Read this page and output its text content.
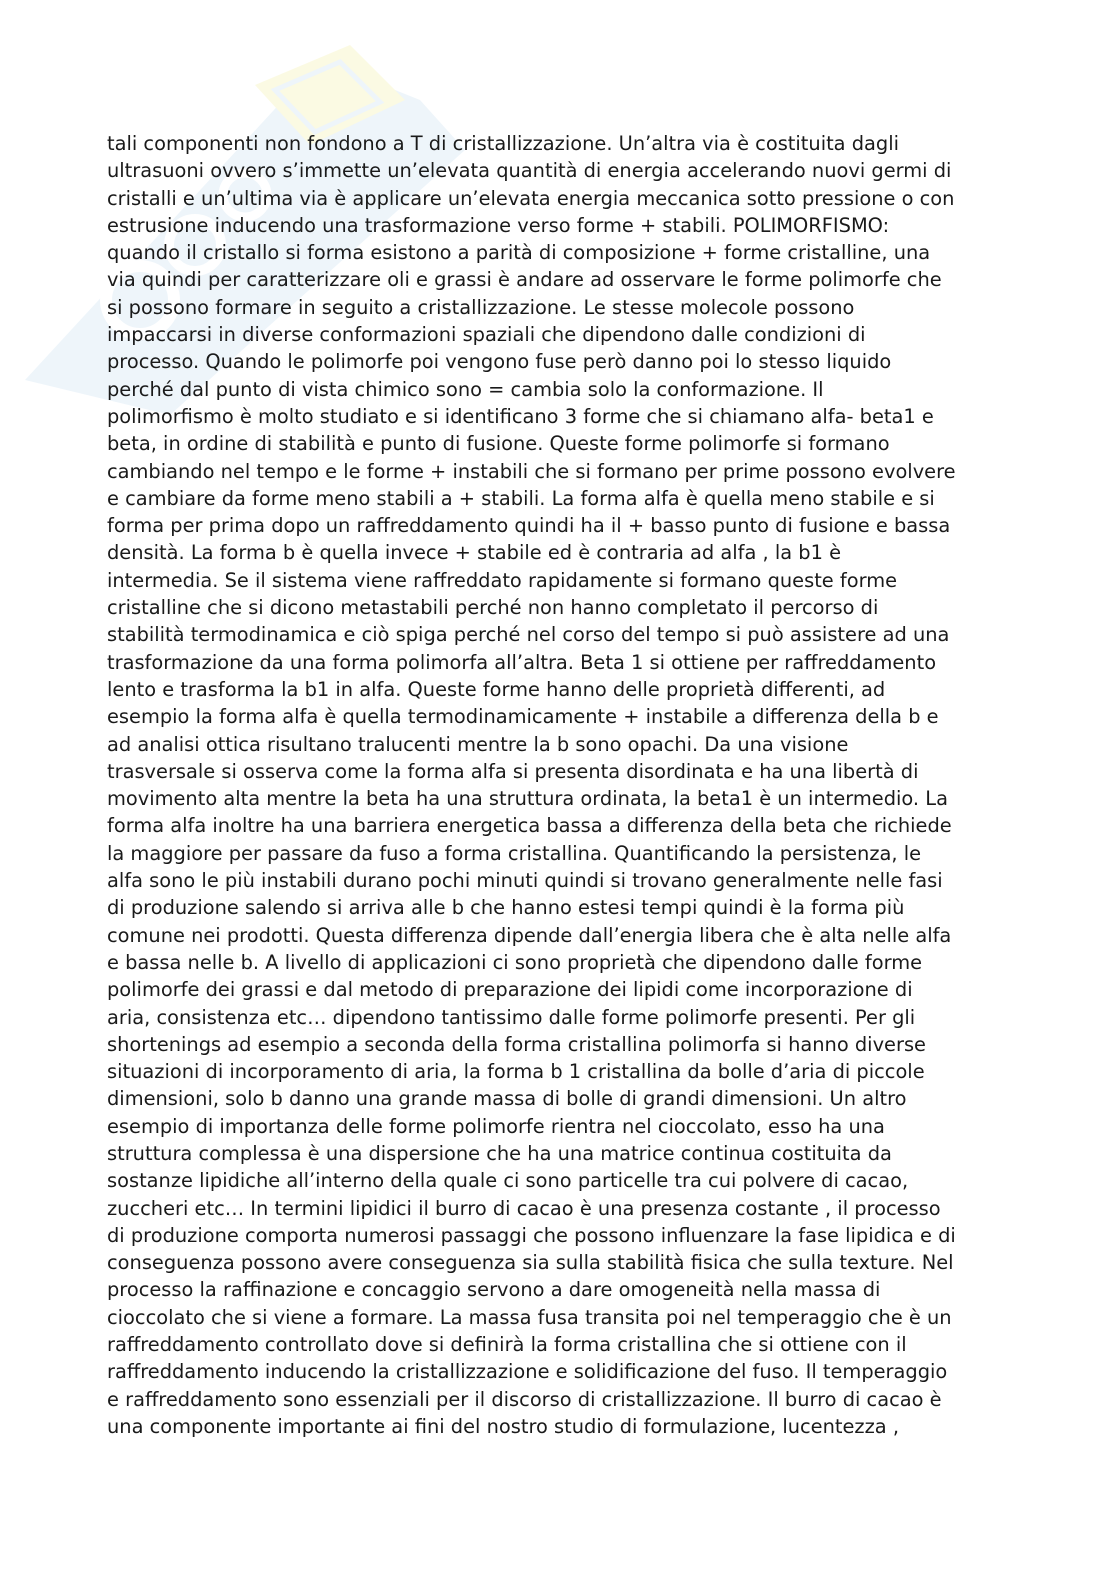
tali componenti non fondono a T di cristallizzazione. Un’altra via è costituita dagli
ultrasuoni ovvero s’immette un’elevata quantità di energia accelerando nuovi germi di
cristalli e un’ultima via è applicare un’elevata energia meccanica sotto pressione o con
estrusione inducendo una trasformazione verso forme + stabili. POLIMORFISMO:
quando il cristallo si forma esistono a parità di composizione + forme cristalline, una
via quindi per caratterizzare oli e grassi è andare ad osservare le forme polimorfe che
si possono formare in seguito a cristallizzazione. Le stesse molecole possono
impaccarsi in diverse conformazioni spaziali che dipendono dalle condizioni di
processo. Quando le polimorfe poi vengono fuse però danno poi lo stesso liquido
perché dal punto di vista chimico sono = cambia solo la conformazione. Il
polimorfismo è molto studiato e si identificano 3 forme che si chiamano alfa- beta1 e
beta, in ordine di stabilità e punto di fusione. Queste forme polimorfe si formano
cambiando nel tempo e le forme + instabili che si formano per prime possono evolvere
e cambiare da forme meno stabili a + stabili. La forma alfa è quella meno stabile e si
forma per prima dopo un raffreddamento quindi ha il + basso punto di fusione e bassa
densità. La forma b è quella invece + stabile ed è contraria ad alfa , la b1 è
intermedia. Se il sistema viene raffreddato rapidamente si formano queste forme
cristalline che si dicono metastabili perché non hanno completato il percorso di
stabilità termodinamica e ciò spiga perché nel corso del tempo si può assistere ad una
trasformazione da una forma polimorfa all’altra. Beta 1 si ottiene per raffreddamento
lento e trasforma la b1 in alfa. Queste forme hanno delle proprietà differenti, ad
esempio la forma alfa è quella termodinamicamente + instabile a differenza della b e
ad analisi ottica risultano tralucenti mentre la b sono opachi. Da una visione
trasversale si osserva come la forma alfa si presenta disordinata e ha una libertà di
movimento alta mentre la beta ha una struttura ordinata, la beta1 è un intermedio. La
forma alfa inoltre ha una barriera energetica bassa a differenza della beta che richiede
la maggiore per passare da fuso a forma cristallina. Quantificando la persistenza, le
alfa sono le più instabili durano pochi minuti quindi si trovano generalmente nelle fasi
di produzione salendo si arriva alle b che hanno estesi tempi quindi è la forma più
comune nei prodotti. Questa differenza dipende dall’energia libera che è alta nelle alfa
e bassa nelle b. A livello di applicazioni ci sono proprietà che dipendono dalle forme
polimorfe dei grassi e dal metodo di preparazione dei lipidi come incorporazione di
aria, consistenza etc… dipendono tantissimo dalle forme polimorfe presenti. Per gli
shortenings ad esempio a seconda della forma cristallina polimorfa si hanno diverse
situazioni di incorporamento di aria, la forma b 1 cristallina da bolle d’aria di piccole
dimensioni, solo b danno una grande massa di bolle di grandi dimensioni. Un altro
esempio di importanza delle forme polimorfe rientra nel cioccolato, esso ha una
struttura complessa è una dispersione che ha una matrice continua costituita da
sostanze lipidiche all’interno della quale ci sono particelle tra cui polvere di cacao,
zuccheri etc… In termini lipidici il burro di cacao è una presenza costante , il processo
di produzione comporta numerosi passaggi che possono influenzare la fase lipidica e di
conseguenza possono avere conseguenza sia sulla stabilità fisica che sulla texture. Nel
processo la raffinazione e concaggio servono a dare omogeneità nella massa di
cioccolato che si viene a formare. La massa fusa transita poi nel temperaggio che è un
raffreddamento controllato dove si definirà la forma cristallina che si ottiene con il
raffreddamento inducendo la cristallizzazione e solidificazione del fuso. Il temperaggio
e raffreddamento sono essenziali per il discorso di cristallizzazione. Il burro di cacao è
una componente importante ai fini del nostro studio di formulazione, lucentezza ,
